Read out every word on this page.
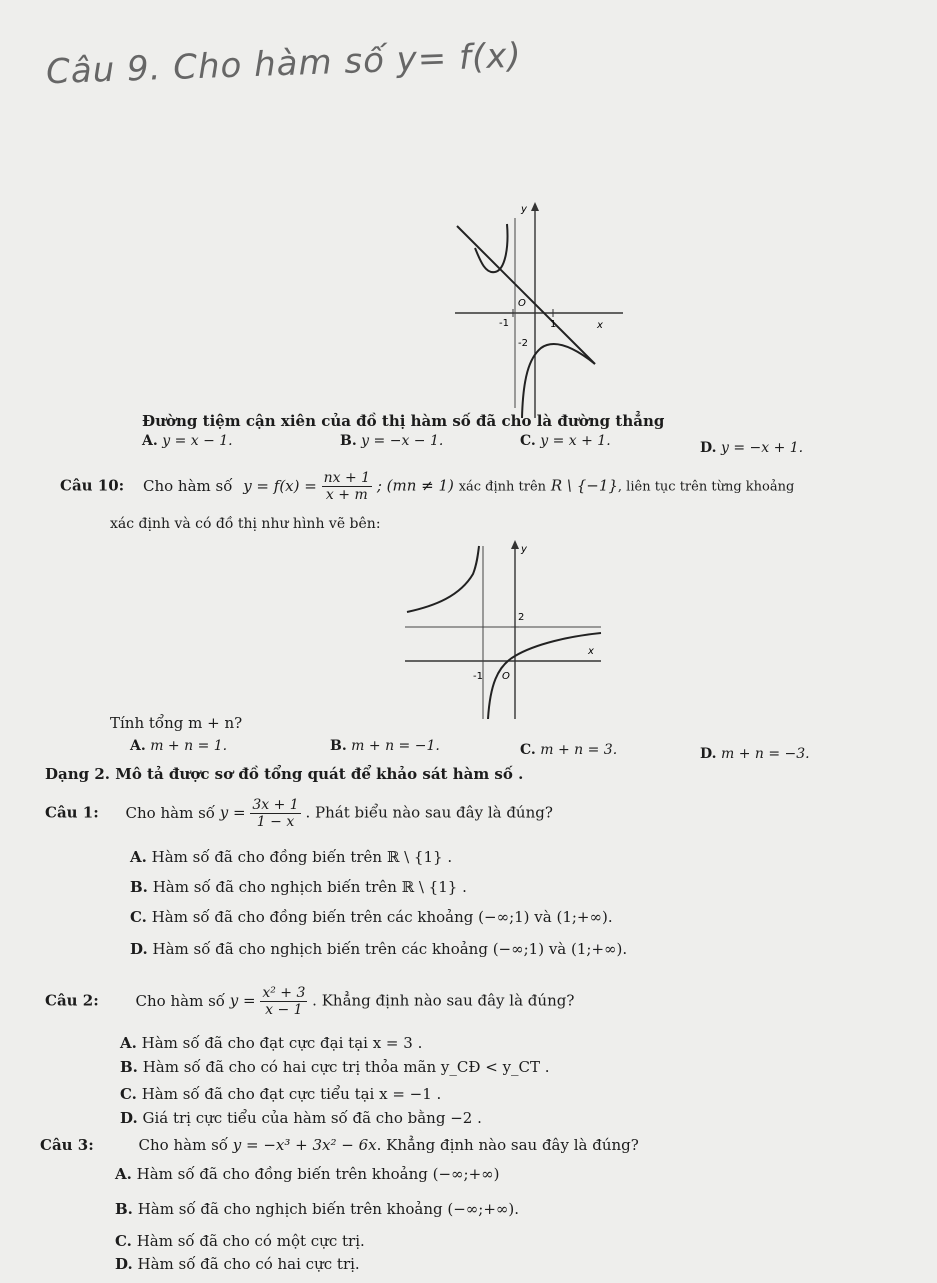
Câu 9. Cho hàm số y= f(x)
y
O
x
-1	1
-2
Đường tiệm cận xiên của đồ thị hàm số đã cho là đường thẳng
A. y = x − 1.	B. y = −x − 1.	C. y = x + 1.	D. y = −x + 1.
Câu 10: Cho hàm số $y = f(x) = \frac{nx + 1}{x + m}$ ; (mn ≠ 1) xác định trên R \ {−1}, liên tục trên từng khoảng
xác định và có đồ thị như hình vẽ bên:
y
2
x
-1 O
Tính tổng m + n?
A. m + n = 1.	B. m + n = −1.	C. m + n = 3.	D. m + n = −3.
Dạng 2. Mô tả được sơ đồ tổng quát để khảo sát hàm số .
Câu 1: Cho hàm số $y = \frac{3x + 1}{1 - x}$ . Phát biểu nào sau đây là đúng?
A. Hàm số đã cho đồng biến trên ℝ \ {1} .
B. Hàm số đã cho nghịch biến trên ℝ \ {1} .
C. Hàm số đã cho đồng biến trên các khoảng (−∞;1) và (1;+∞).
D. Hàm số đã cho nghịch biến trên các khoảng (−∞;1) và (1;+∞).
Câu 2: Cho hàm số $y = \frac{\text{x² + 3}}{x - 1}$ . Khẳng định nào sau đây là đúng?
A. Hàm số đã cho đạt cực đại tại x = 3 .
B. Hàm số đã cho có hai cực trị thỏa mãn y_CĐ < y_CT .
C. Hàm số đã cho đạt cực tiểu tại x = −1 .
D. Giá trị cực tiểu của hàm số đã cho bằng −2 .
Câu 3:	Cho hàm số y = −x³ + 3x² − 6x. Khẳng định nào sau đây là đúng?
A. Hàm số đã cho đồng biến trên khoảng (−∞;+∞)
B. Hàm số đã cho nghịch biến trên khoảng (−∞;+∞).
C. Hàm số đã cho có một cực trị.
D. Hàm số đã cho có hai cực trị.
